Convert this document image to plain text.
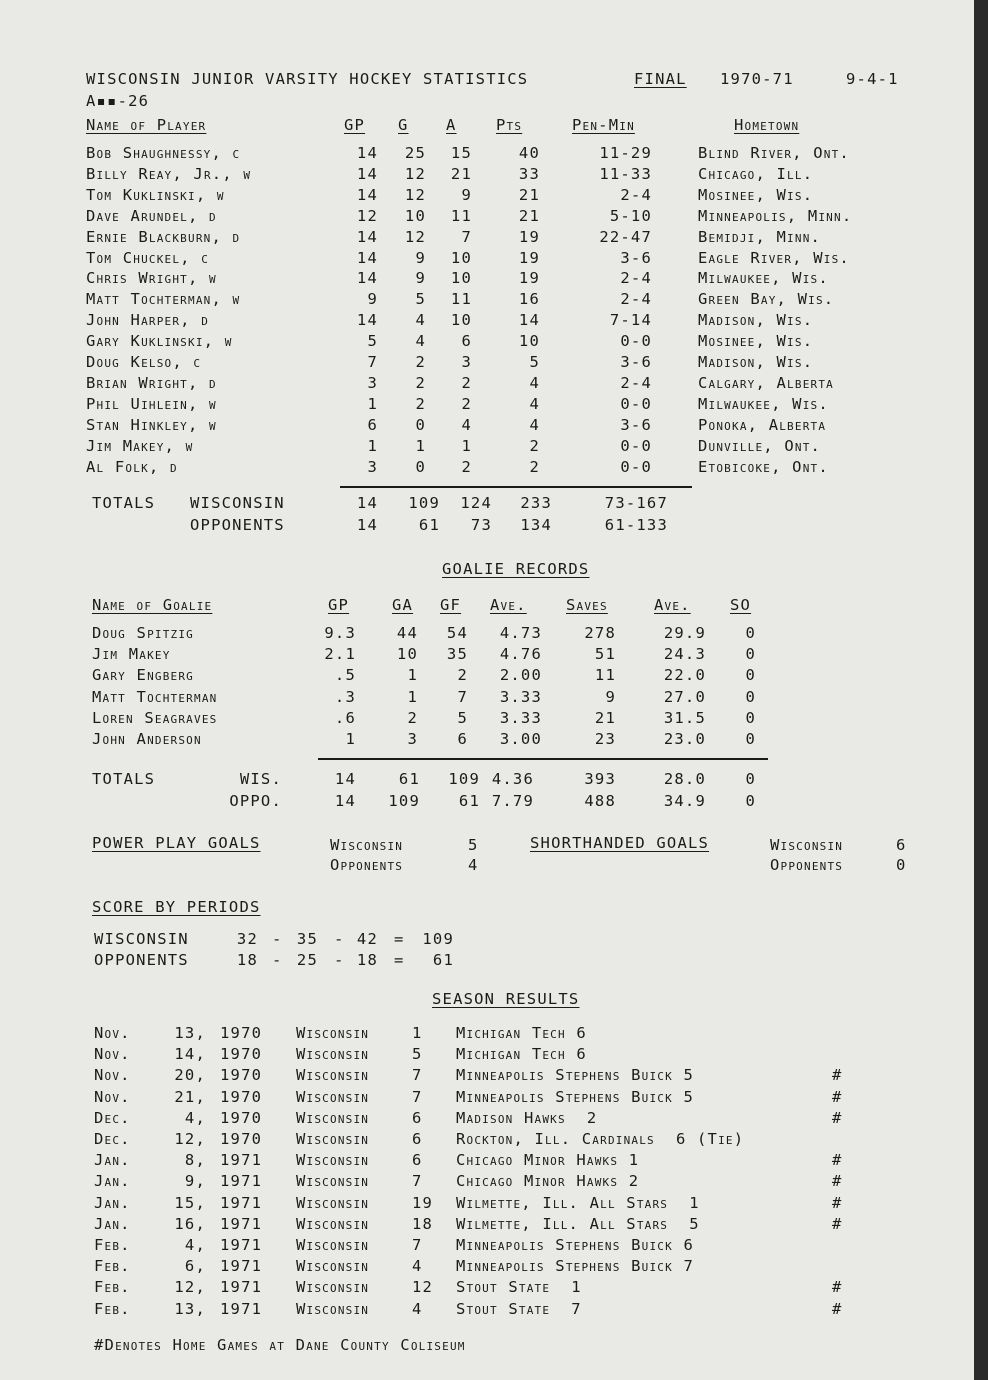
WISCONSIN JUNIOR VARSITY HOCKEY STATISTICS	FINAL 1970-71	9-4-1
A▪▪-26
Name of Player	GP G A	Pts	Pen-Min	Hometown
Bob Shaughnessy, c	14	25	15	40	11-29	Blind River, Ont.
Billy Reay, Jr., w	14	12	21	33	11-33	Chicago, Ill.
Tom Kuklinski, w	14	12	9	21	2-4	Mosinee, Wis.
Dave Arundel, d	12	10	11	21	5-10	Minneapolis, Minn.
Ernie Blackburn, d	14	12	7	19	22-47	Bemidji, Minn.
Tom Chuckel, c	14	9	10	19	3-6	Eagle River, Wis.
Chris Wright, w	14	9	10	19	2-4	Milwaukee, Wis.
Matt Tochterman, w	9	5	11	16	2-4	Green Bay, Wis.
John Harper, d	14	4	10	14	7-14	Madison, Wis.
Gary Kuklinski, w	5	4	6	10	0-0	Mosinee, Wis.
Doug Kelso, c	7	2	3	5	3-6	Madison, Wis.
Brian Wright, d	3	2	2	4	2-4	Calgary, Alberta
Phil Uihlein, w	1	2	2	4	0-0	Milwaukee, Wis.
Stan Hinkley, w	6	0	4	4	3-6	Ponoka, Alberta
Jim Makey, w	1	1	1	2	0-0	Dunville, Ont.
Al Folk, d	3	0	2	2	0-0	Etobicoke, Ont.
TOTALS WISCONSIN	14	109	124	233	73-167
OPPONENTS	14	61	73	134	61-133
GOALIE RECORDS
Name of Goalie	GP	GA GF Ave.	Saves	Ave.	SO
Doug Spitzig	9.3	44	54	4.73	278	29.9	0
Jim Makey	2.1	10	35	4.76	51	24.3	0
Gary Engberg	.5	1	2	2.00	11	22.0	0
Matt Tochterman	.3	1	7	3.33	9	27.0	0
Loren Seagraves	.6	2	5	3.33	21	31.5	0
John Anderson	1	3	6	3.00	23	23.0	0
TOTALS	WIS.	14	61	109 4.36	393	28.0	0
OPPO.	14	109	61 7.79	488	34.9	0
POWER PLAY GOALS	Wisconsin	5
Opponents	4
SHORTHANDED GOALS	Wisconsin	6
Opponents	0
SCORE BY PERIODS
WISCONSIN	32 - 35 - 42 =	109
OPPONENTS	18 - 25 - 18 =	61
SEASON RESULTS
Nov.	13, 1970 Wisconsin	1 Michigan Tech 6
Nov.	14, 1970 Wisconsin	5 Michigan Tech 6
Nov.	20, 1970 Wisconsin	7 Minneapolis Stephens Buick 5	#
Nov.	21, 1970 Wisconsin	7 Minneapolis Stephens Buick 5	#
Dec.	4, 1970 Wisconsin	6 Madison Hawks  2	#
Dec.	12, 1970 Wisconsin	6 Rockton, Ill. Cardinals  6 (Tie)
Jan.	8, 1971 Wisconsin	6 Chicago Minor Hawks 1	#
Jan.	9, 1971 Wisconsin	7 Chicago Minor Hawks 2	#
Jan.	15, 1971 Wisconsin	19 Wilmette, Ill. All Stars  1	#
Jan.	16, 1971 Wisconsin	18 Wilmette, Ill. All Stars  5	#
Feb.	4, 1971 Wisconsin	7 Minneapolis Stephens Buick 6
Feb.	6, 1971 Wisconsin	4 Minneapolis Stephens Buick 7
Feb.	12, 1971 Wisconsin	12 Stout State  1	#
Feb.	13, 1971 Wisconsin	4 Stout State  7	#
#Denotes Home Games at Dane County Coliseum
